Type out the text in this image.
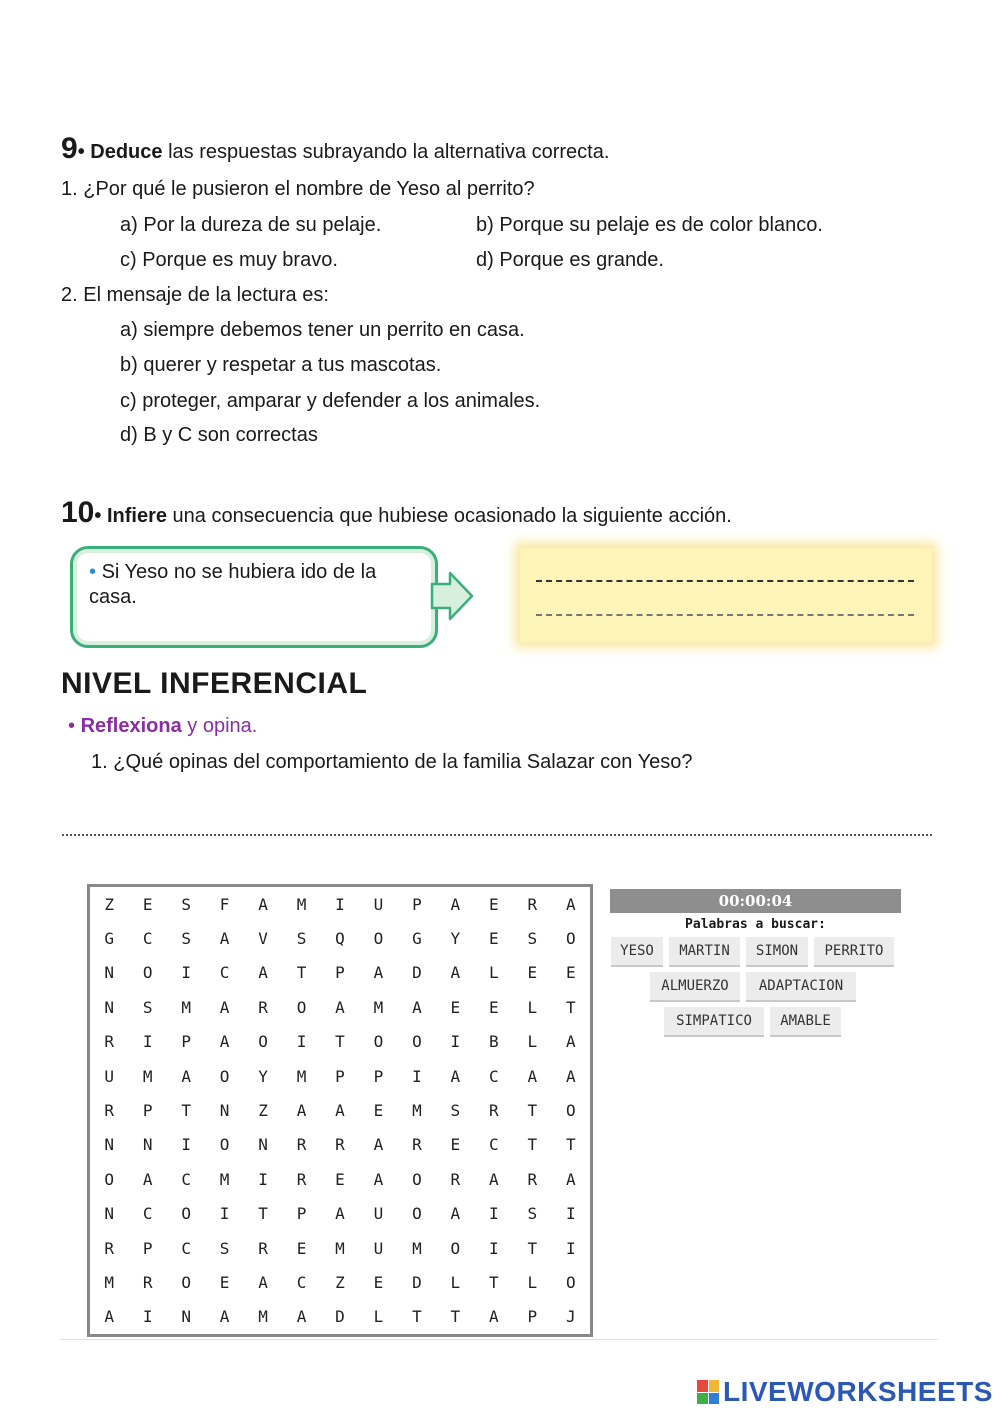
9• Deduce las respuestas subrayando la alternativa correcta.
1. ¿Por qué le pusieron el nombre de Yeso al perrito?
a) Por la dureza de su pelaje.	b) Porque su pelaje es de color blanco.
c) Porque es muy bravo.	d) Porque es grande.
2. El mensaje de la lectura es:
a) siempre debemos tener un perrito en casa.
b) querer y respetar a tus mascotas.
c) proteger, amparar y defender a los animales.
d) B y C son correctas
10• Infiere una consecuencia que hubiese ocasionado la siguiente acción.
• Si Yeso no se hubiera ido de la casa.
NIVEL INFERENCIAL
• Reflexiona y opina.
1. ¿Qué opinas del comportamiento de la familia Salazar con Yeso?
Z	E	S	F	A	M	I	U	P	A	E	R	A
G	C	S	A	V	S	Q	O	G	Y	E	S	O
N	O	I	C	A	T	P	A	D	A	L	E	E
N	S	M	A	R	O	A	M	A	E	E	L	T
R	I	P	A	O	I	T	O	O	I	B	L	A
U	M	A	O	Y	M	P	P	I	A	C	A	A
R	P	T	N	Z	A	A	E	M	S	R	T	O
N	N	I	O	N	R	R	A	R	E	C	T	T
O	A	C	M	I	R	E	A	O	R	A	R	A
N	C	O	I	T	P	A	U	O	A	I	S	I
R	P	C	S	R	E	M	U	M	O	I	T	I
M	R	O	E	A	C	Z	E	D	L	T	L	O
A	I	N	A	M	A	D	L	T	T	A	P	J
00:00:04
Palabras a buscar:
YESO	MARTIN	SIMON	PERRITO
ALMUERZO	ADAPTACION
SIMPATICO	AMABLE
LIVEWORKSHEETS
